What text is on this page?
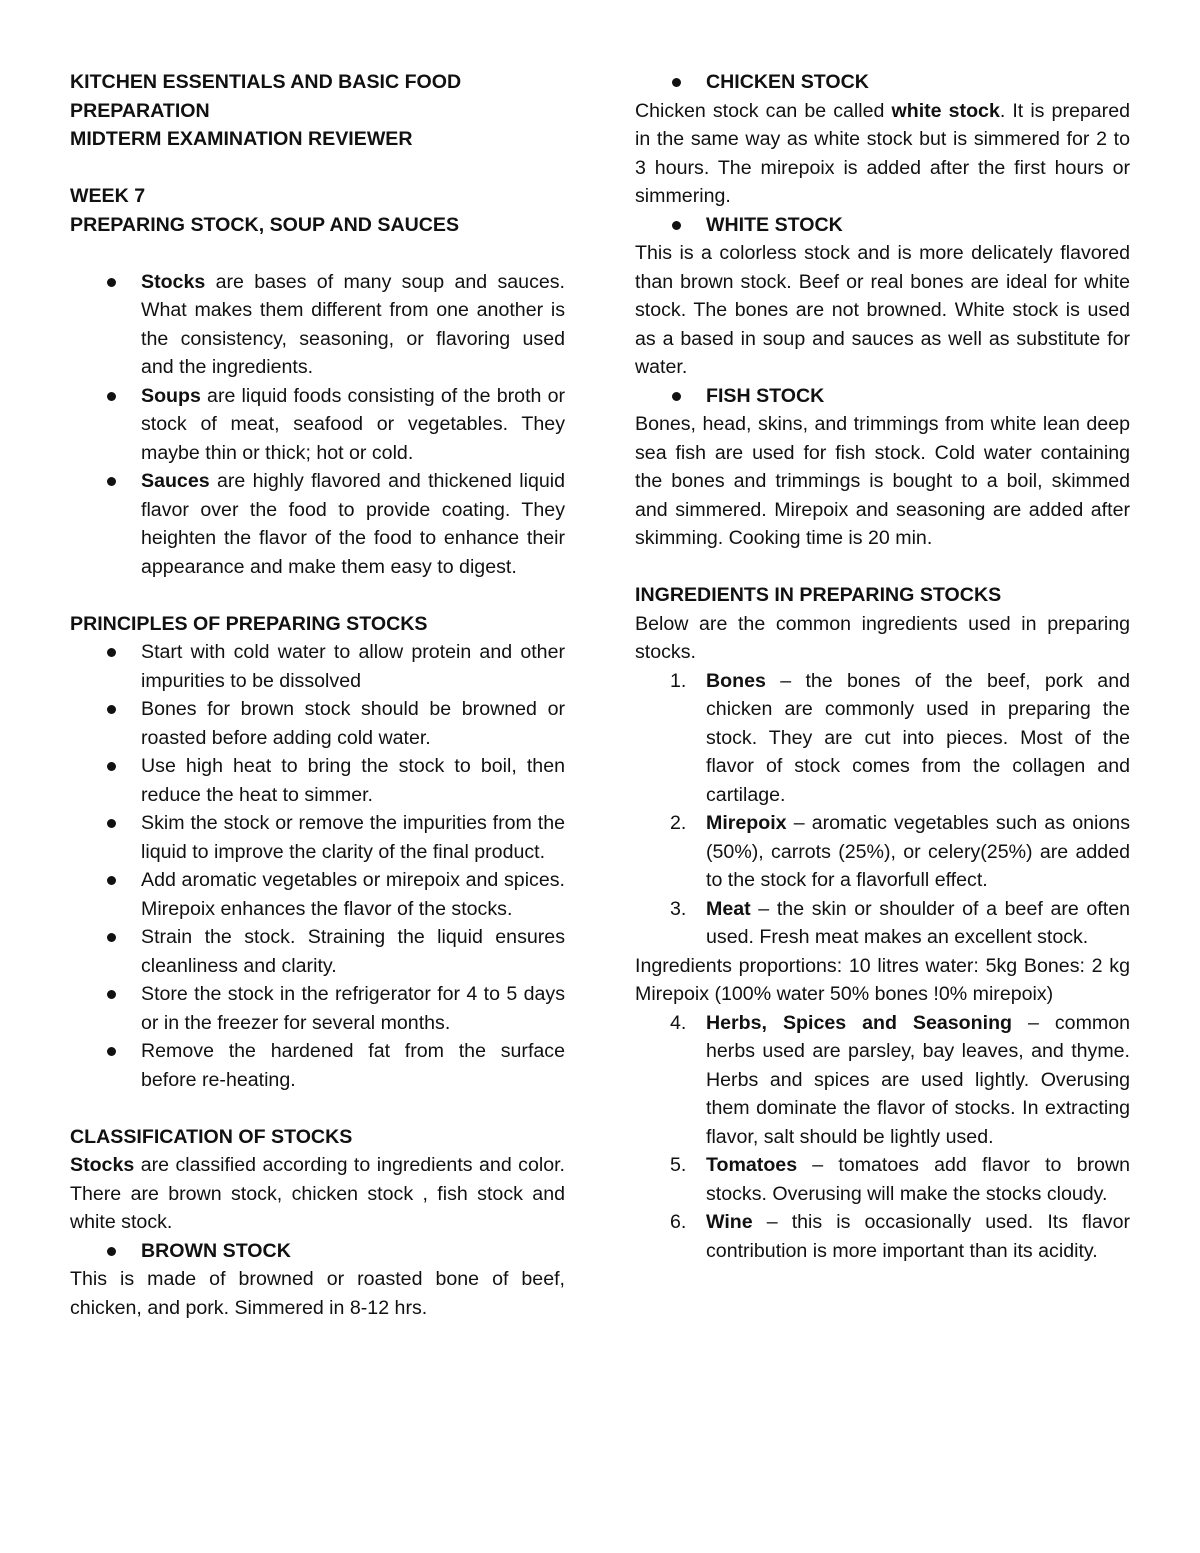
KITCHEN ESSENTIALS AND BASIC FOOD
PREPARATION
MIDTERM EXAMINATION REVIEWER
WEEK 7
PREPARING STOCK, SOUP AND SAUCES
Stocks are bases of many soup and sauces. What makes them different from one another is the consistency, seasoning, or flavoring used and the ingredients.
Soups are liquid foods consisting of the broth or stock of meat, seafood or vegetables. They maybe thin or thick; hot or cold.
Sauces are highly flavored and thickened liquid flavor over the food to provide coating. They heighten the flavor of the food to enhance their appearance and make them easy to digest.
PRINCIPLES OF PREPARING STOCKS
Start with cold water to allow protein and other impurities to be dissolved
Bones for brown stock should be browned or roasted before adding cold water.
Use high heat to bring the stock to boil, then reduce the heat to simmer.
Skim the stock or remove the impurities from the liquid to improve the clarity of the final product.
Add aromatic vegetables or mirepoix and spices. Mirepoix enhances the flavor of the stocks.
Strain the stock. Straining the liquid ensures cleanliness and clarity.
Store the stock in the refrigerator for 4 to 5 days or in the freezer for several months.
Remove the hardened fat from the surface before re-heating.
CLASSIFICATION OF STOCKS
Stocks are classified according to ingredients and color. There are brown stock, chicken stock , fish stock and white stock.
BROWN STOCK
This is made of browned or roasted bone of beef, chicken, and pork. Simmered in 8-12 hrs.
CHICKEN STOCK
Chicken stock can be called white stock. It is prepared in the same way as white stock but is simmered for 2 to 3 hours. The mirepoix is added after the first hours or simmering.
WHITE STOCK
This is a colorless stock and is more delicately flavored than brown stock. Beef or real bones are ideal for white stock. The bones are not browned. White stock is used as a based in soup and sauces as well as substitute for water.
FISH STOCK
Bones, head, skins, and trimmings from white lean deep sea fish are used for fish stock. Cold water containing the bones and trimmings is bought to a boil, skimmed and simmered. Mirepoix and seasoning are added after skimming. Cooking time is 20 min.
INGREDIENTS IN PREPARING STOCKS
Below are the common ingredients used in preparing stocks.
1. Bones – the bones of the beef, pork and chicken are commonly used in preparing the stock. They are cut into pieces. Most of the flavor of stock comes from the collagen and cartilage.
2. Mirepoix – aromatic vegetables such as onions (50%), carrots (25%), or celery(25%) are added to the stock for a flavorfull effect.
3. Meat – the skin or shoulder of a beef are often used. Fresh meat makes an excellent stock.
Ingredients proportions: 10 litres water: 5kg Bones: 2 kg Mirepoix (100% water 50% bones !0% mirepoix)
4. Herbs, Spices and Seasoning – common herbs used are parsley, bay leaves, and thyme. Herbs and spices are used lightly. Overusing them dominate the flavor of stocks. In extracting flavor, salt should be lightly used.
5. Tomatoes – tomatoes add flavor to brown stocks. Overusing will make the stocks cloudy.
6. Wine – this is occasionally used. Its flavor contribution is more important than its acidity.
